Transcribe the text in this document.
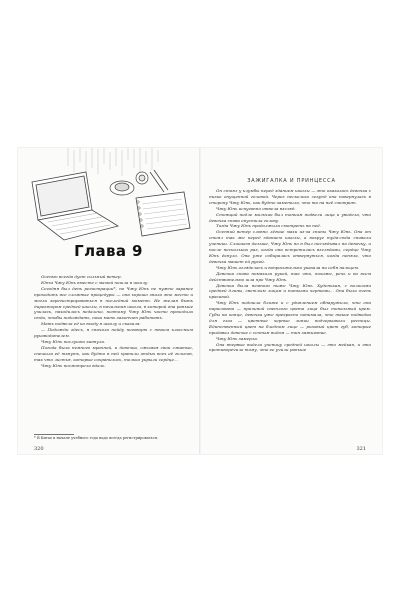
Глава 9

Осенью всегда дует сильный ветер.

Юнхэ Чжу Юнь вместе с мамой пошла в школу.

Сегодня был день регистрации*, но Чжу Юнь не нужно заранее проходить все сложные процедуры — она хорошо знала это место и могла зарегистрироваться в последний момент. Не желая быть директором средней школы, в начальная школа, в которой она раньше училась, находилось недалеко, поэтому Чжу Юнь часто проходила сюда, чтобы подождать, пока мать закончит работать.

Мать подвела её ко входу в школу и сказала:

— Подожди здесь, я сначала пойду поговорю с твоим классным руководителем.

Чжу Юнь послушно кивнула.

Погода была немного мрачной, и девочка, сжимая свои сжатые, спешила её ткнуть, как будто в ней хранили отдых всех её голосов, так что листья, которые сохранились, только укрыли сердце…

Чжу Юнь посмотрела вдаль.

* В Китае в начале учебного года надо всегда регистрироваться.
320
ЗАЖИГАЛКА И ПРИНЦЕССА

Он стоял у клумбы перед зданием школы — это оказалась девочка с низко опущенной головой. Через несколько секунд она повернулась в сторону Чжу Юнь, как будто заметила, что та на неё смотрит.

Чжу Юнь испуганно отвела взгляд.

Стоящий подле мальчик был тонким подвели лица и увидела, что девочка снова опустила голову.

Тогда Чжу Юнь продолжила смотреть на неё.

Осенний ветер словно лёгкие махи из-за спины Чжу Юнь. Она от стоял так же перед зданием школы, а вокруг туда-сюда сновали ученики. Слишком дальше, Чжу Юнь по в был поглядывал на девочку, и после нескольких раз, когда она встретилась взглядами, сердце Чжу Юнь ёкнуло. Она уже собиралась отвернуться, когда поняла, что девочка машет ей рукой.

Чжу Юнь огляделась и вопросительно указала на себя пальцем.

Девочка снова помахала рукой, так что, похоже, речь и во всем действительно шла про Чжу Юнь.

Девочка была немного ниже Чжу Юнь. Худенькая, с волосами средней длины, светлым лицом и тонкими чертами… Она была очень красивой.

Чжу Юнь подошла ближе и с удивлением обнаружила, что она нарисована — причиной светлого цвета лица был тональный крем. Губы на конце, девочка уже прекрасно понимала, что такое подводка для глаз — цветные черные линии подчеркивали ресницы. Единственный цвет на бледном лице — розовый цвет губ, которые придавал девочке с сочным видом — тип зажигание.

Чжу Юнь замерла.

Она впервые видела ученицу средней школы — это мейкап, и это противоречило тому, что ее учили раньше

321
